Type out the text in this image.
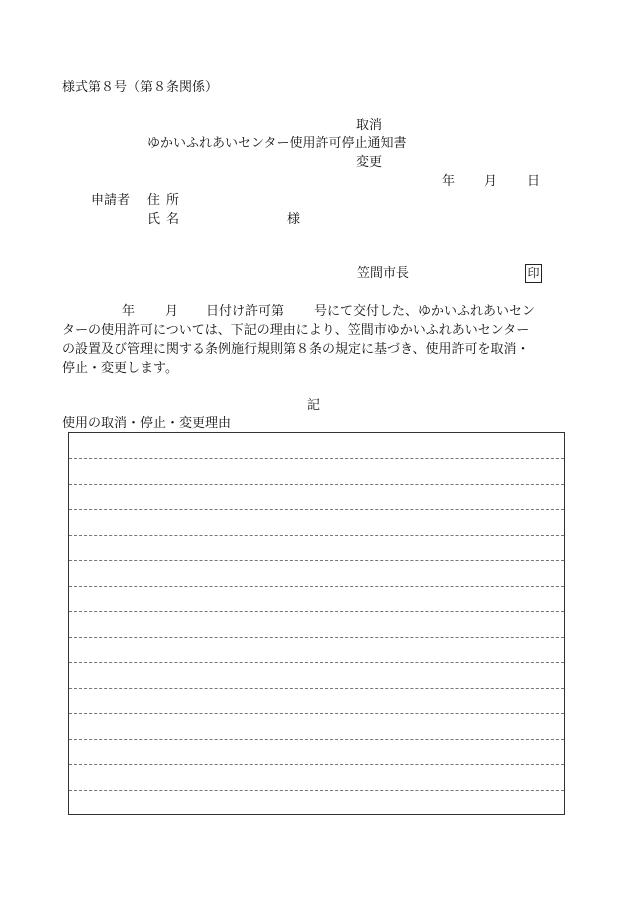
様式第８号（第８条関係）
取消
ゆかいふれあいセンター使用許可停止通知書
変更
年 月 日
申請者 住所
氏名	様
笠間市長	印
年 月 日付け許可第 号にて交付した、ゆかいふれあいセン
ターの使用許可については、下記の理由により、笠間市ゆかいふれあいセンター
の設置及び管理に関する条例施行規則第８条の規定に基づき、使用許可を取消・
停止・変更します。
記
使用の取消・停止・変更理由
